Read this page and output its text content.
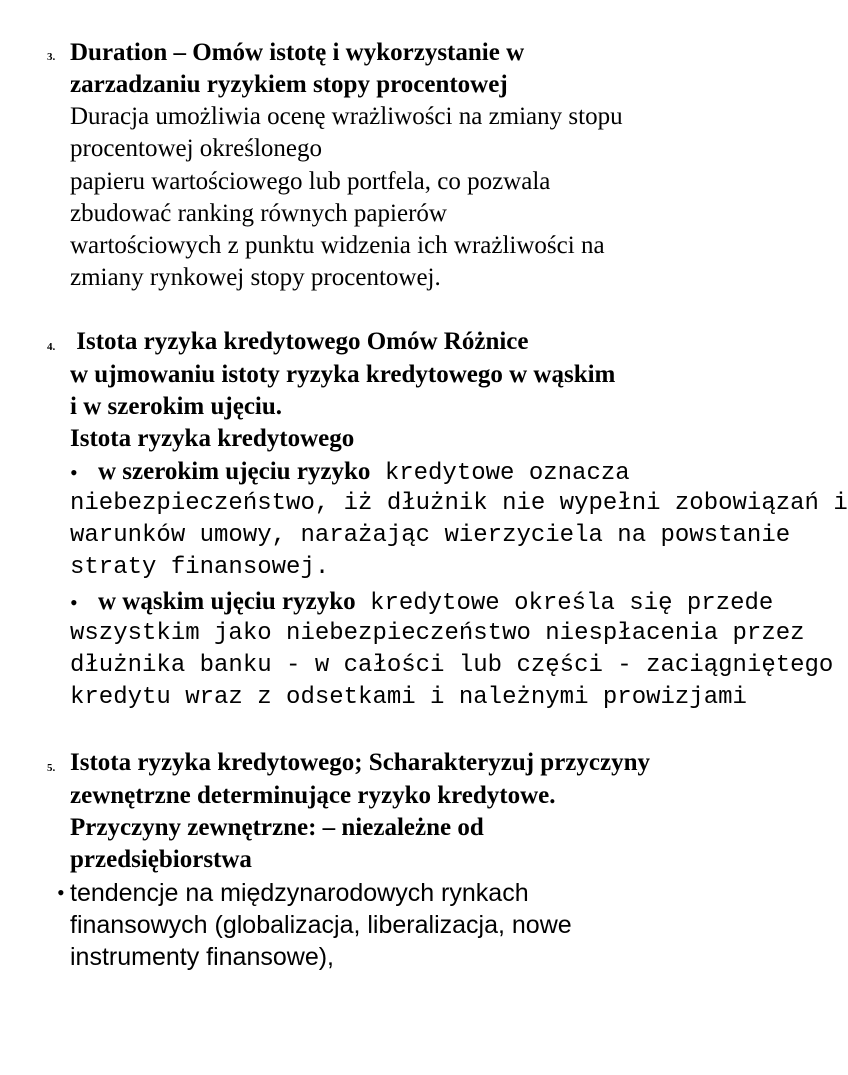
3. Duration – Omów istotę i wykorzystanie w
zarzadzaniu ryzykiem stopy procentowej
Duracja umożliwia ocenę wrażliwości na zmiany stopu
procentowej określonego
papieru wartościowego lub portfela, co pozwala
zbudować ranking równych papierów
wartościowych z punktu widzenia ich wrażliwości na
zmiany rynkowej stopy procentowej.
4. Istota ryzyka kredytowego Omów Różnice
w ujmowaniu istoty ryzyka kredytowego w wąskim
i w szerokim ujęciu.
Istota ryzyka kredytowego
• w szerokim ujęciu ryzyko kredytowe oznacza
niebezpieczeństwo, iż dłużnik nie wypełni zobowiązań i
warunków umowy, narażając wierzyciela na powstanie
straty finansowej.
• w wąskim ujęciu ryzyko kredytowe określa się przede
wszystkim jako niebezpieczeństwo niespłacenia przez
dłużnika banku - w całości lub części - zaciągniętego
kredytu wraz z odsetkami i należnymi prowizjami
5. Istota ryzyka kredytowego; Scharakteryzuj przyczyny
zewnętrzne determinujące ryzyko kredytowe.
Przyczyny zewnętrzne: – niezależne od
przedsiębiorstwa
• tendencje na międzynarodowych rynkach
finansowych (globalizacja, liberalizacja, nowe
instrumenty finansowe),
